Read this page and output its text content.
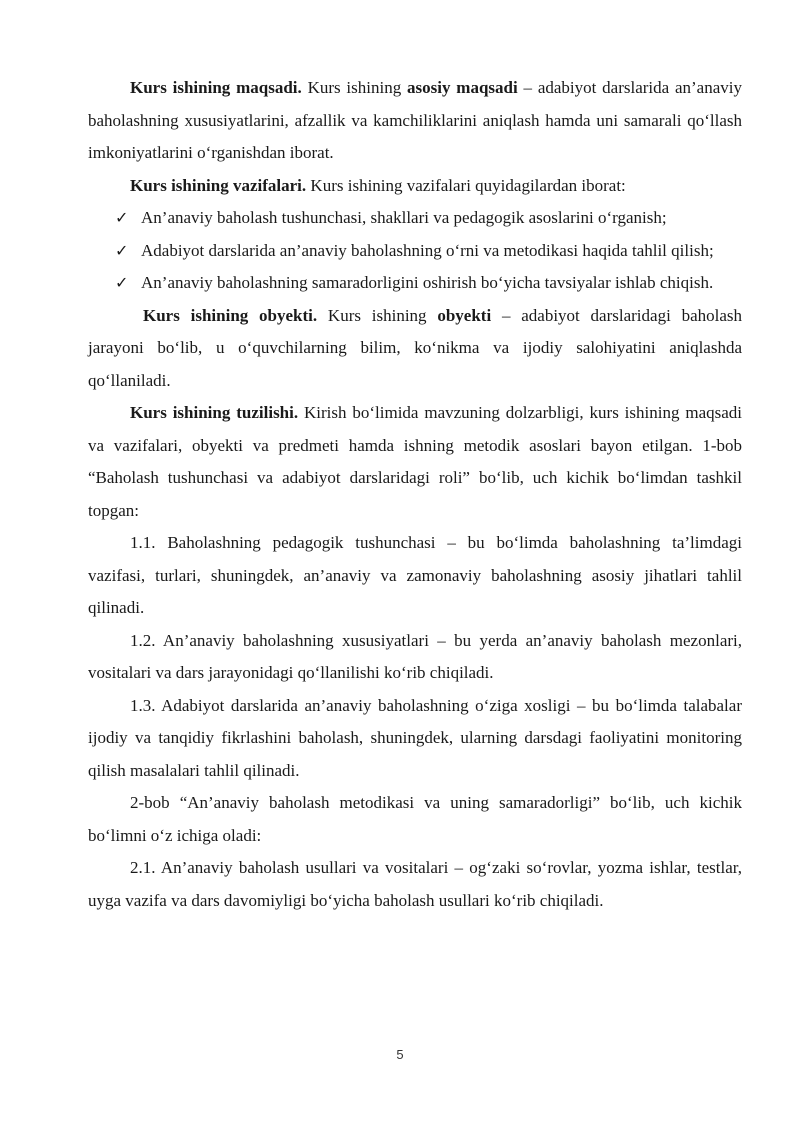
Kurs ishining maqsadi. Kurs ishining asosiy maqsadi – adabiyot darslarida an’anaviy baholashning xususiyatlarini, afzallik va kamchiliklarini aniqlash hamda uni samarali qo‘llash imkoniyatlarini o‘rganishdan iborat.

Kurs ishining vazifalari. Kurs ishining vazifalari quyidagilardan iborat:

✓ An’anaviy baholash tushunchasi, shakllari va pedagogik asoslarini o‘rganish;
✓ Adabiyot darslarida an’anaviy baholashning o‘rni va metodikasi haqida tahlil qilish;
✓ An’anaviy baholashning samaradorligini oshirish bo‘yicha tavsiyalar ishlab chiqish.

Kurs ishining obyekti. Kurs ishining obyekti – adabiyot darslaridagi baholash jarayoni bo‘lib, u o‘quvchilarning bilim, ko‘nikma va ijodiy salohiyatini aniqlashda qo‘llaniladi.

Kurs ishining tuzilishi. Kirish bo‘limida mavzuning dolzarbligi, kurs ishining maqsadi va vazifalari, obyekti va predmeti hamda ishning metodik asoslari bayon etilgan. 1-bob “Baholash tushunchasi va adabiyot darslaridagi roli” bo‘lib, uch kichik bo‘limdan tashkil topgan:

1.1. Baholashning pedagogik tushunchasi – bu bo‘limda baholashning ta’limdagi vazifasi, turlari, shuningdek, an’anaviy va zamonaviy baholashning asosiy jihatlari tahlil qilinadi.

1.2. An’anaviy baholashning xususiyatlari – bu yerda an’anaviy baholash mezonlari, vositalari va dars jarayonidagi qo‘llanilishi ko‘rib chiqiladi.

1.3. Adabiyot darslarida an’anaviy baholashning o‘ziga xosligi – bu bo‘limda talabalar ijodiy va tanqidiy fikrlashini baholash, shuningdek, ularning darsdagi faoliyatini monitoring qilish masalalari tahlil qilinadi.

2-bob “An’anaviy baholash metodikasi va uning samaradorligi” bo‘lib, uch kichik bo‘limni o‘z ichiga oladi:

2.1. An’anaviy baholash usullari va vositalari – og‘zaki so‘rovlar, yozma ishlar, testlar, uyga vazifa va dars davomiyligi bo‘yicha baholash usullari ko‘rib chiqiladi.

5
